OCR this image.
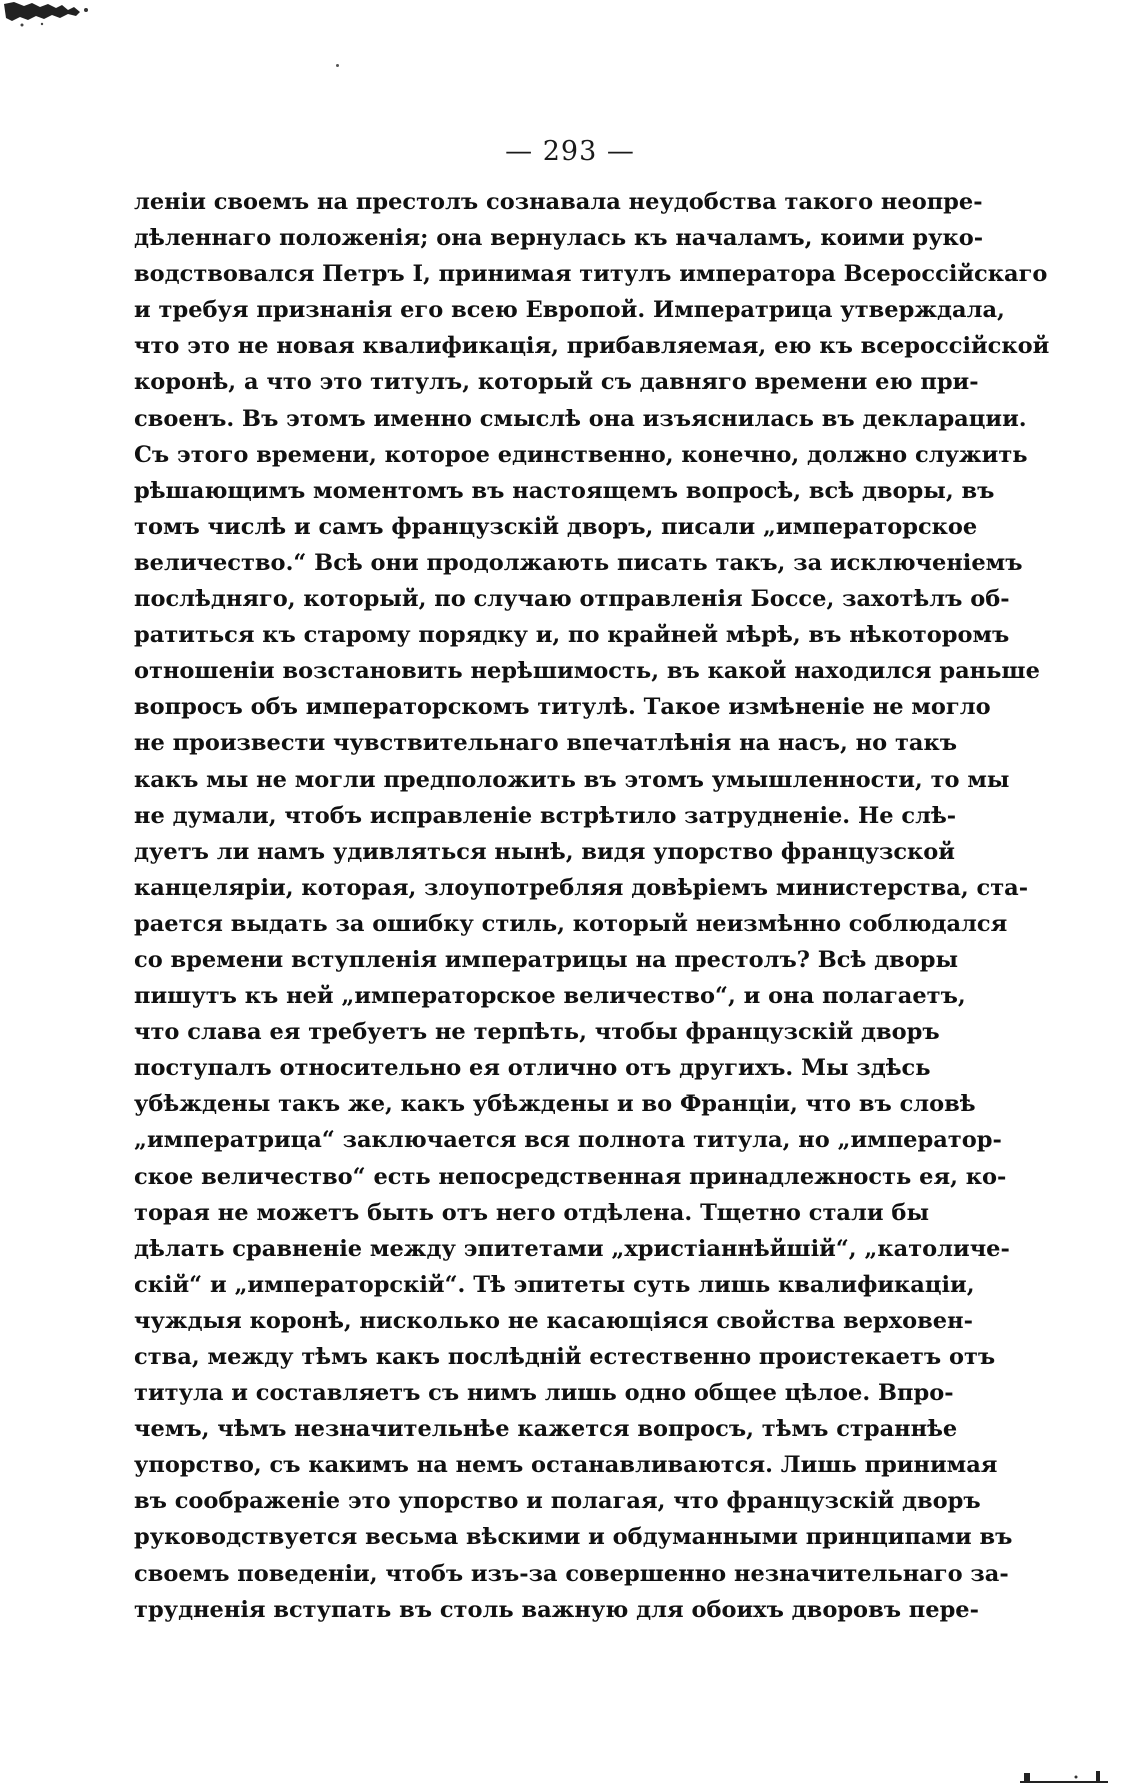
— 293 —
леніи своемъ на престолъ сознавала неудобства такого неопре-
дѣленнаго положенія; она вернулась къ началамъ, коими руко-
водствовался Петръ I, принимая титулъ императора Всероссійскаго
и требуя признанія его всею Европой. Императрица утверждала,
что это не новая квалификація, прибавляемая, ею къ всероссійской
коронѣ, а что это титулъ, который съ давняго времени ею при-
своенъ. Въ этомъ именно смыслѣ она изъяснилась въ декларации.
Съ этого времени, которое единственно, конечно, должно служить
рѣшающимъ моментомъ въ настоящемъ вопросѣ, всѣ дворы, въ
томъ числѣ и самъ французскій дворъ, писали „императорское
величество.“ Всѣ они продолжають писать такъ, за исключеніемъ
послѣдняго, который, по случаю отправленія Боссе, захотѣлъ об-
ратиться къ старому порядку и, по крайней мѣрѣ, въ нѣкоторомъ
отношеніи возстановить нерѣшимость, въ какой находился раньше
вопросъ объ императорскомъ титулѣ. Такое измѣненіе не могло
не произвести чувствительнаго впечатлѣнія на насъ, но такъ
какъ мы не могли предположить въ этомъ умышленности, то мы
не думали, чтобъ исправленіе встрѣтило затрудненіе. Не слѣ-
дуетъ ли намъ удивляться нынѣ, видя упорство французской
канцеляріи, которая, злоупотребляя довѣріемъ министерства, ста-
рается выдать за ошибку стиль, который неизмѣнно соблюдался
со времени вступленія императрицы на престолъ? Всѣ дворы
пишутъ къ ней „императорское величество“, и она полагаетъ,
что слава ея требуетъ не терпѣть, чтобы французскій дворъ
поступалъ относительно ея отлично отъ другихъ. Мы здѣсь
убѣждены такъ же, какъ убѣждены и во Франціи, что въ словѣ
„императрица“ заключается вся полнота титула, но „император-
ское величество“ есть непосредственная принадлежность ея, ко-
торая не можетъ быть отъ него отдѣлена. Тщетно стали бы
дѣлать сравненіе между эпитетами „христіаннѣйшій“, „католиче-
скій“ и „императорскій“. Тѣ эпитеты суть лишь квалификаціи,
чуждыя коронѣ, нисколько не касающіяся свойства верховен-
ства, между тѣмъ какъ послѣдній естественно проистекаетъ отъ
титула и составляетъ съ нимъ лишь одно общее цѣлое. Впро-
чемъ, чѣмъ незначительнѣе кажется вопросъ, тѣмъ страннѣе
упорство, съ какимъ на немъ останавливаются. Лишь принимая
въ соображеніе это упорство и полагая, что французскій дворъ
руководствуется весьма вѣскими и обдуманными принципами въ
своемъ поведеніи, чтобъ изъ-за совершенно незначительнаго за-
трудненія вступать въ столь важную для обоихъ дворовъ пере-
